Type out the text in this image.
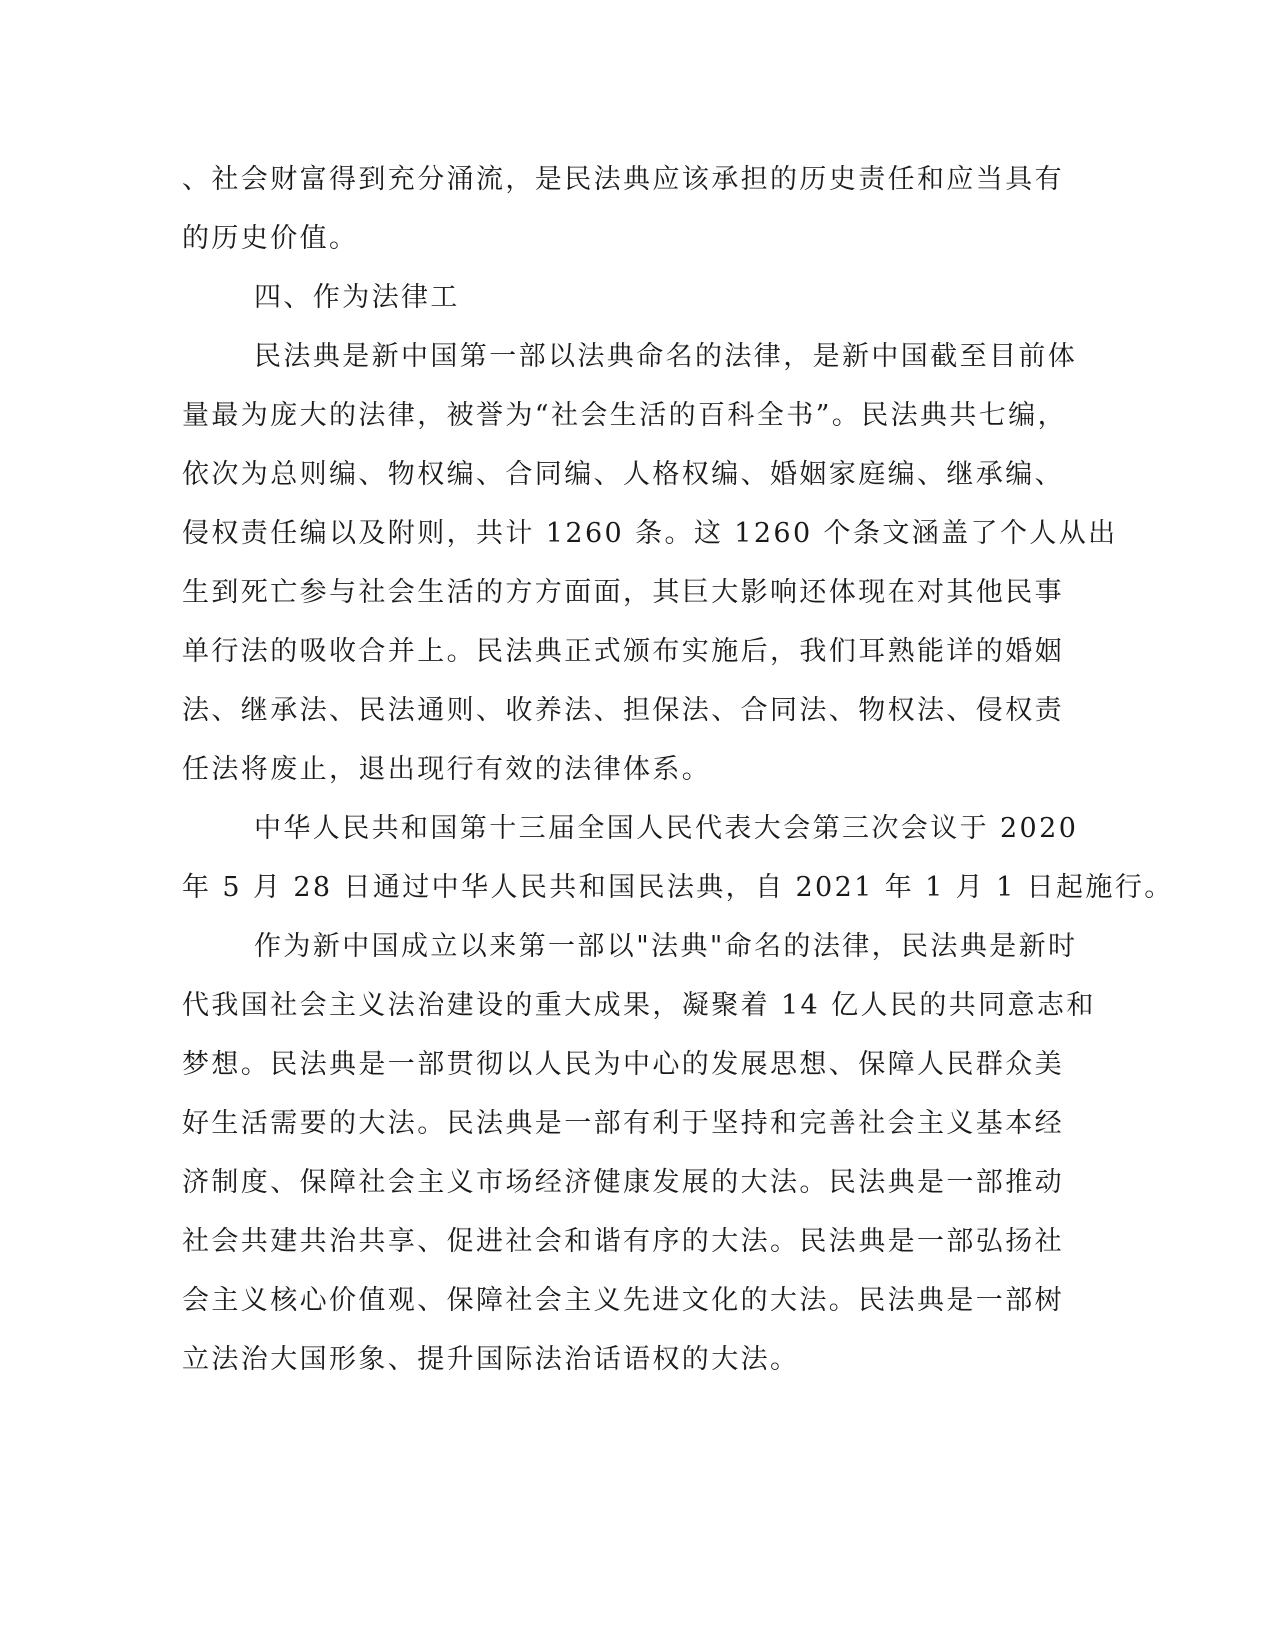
、社会财富得到充分涌流，是民法典应该承担的历史责任和应当具有
的历史价值。
四、作为法律工
民法典是新中国第一部以法典命名的法律，是新中国截至目前体
量最为庞大的法律，被誉为“社会生活的百科全书”。民法典共七编，
依次为总则编、物权编、合同编、人格权编、婚姻家庭编、继承编、
侵权责任编以及附则，共计 1260 条。这 1260 个条文涵盖了个人从出
生到死亡参与社会生活的方方面面，其巨大影响还体现在对其他民事
单行法的吸收合并上。民法典正式颁布实施后，我们耳熟能详的婚姻
法、继承法、民法通则、收养法、担保法、合同法、物权法、侵权责
任法将废止，退出现行有效的法律体系。
中华人民共和国第十三届全国人民代表大会第三次会议于 2020
年 5 月 28 日通过中华人民共和国民法典，自 2021 年 1 月 1 日起施行。
作为新中国成立以来第一部以"法典"命名的法律，民法典是新时
代我国社会主义法治建设的重大成果，凝聚着 14 亿人民的共同意志和
梦想。民法典是一部贯彻以人民为中心的发展思想、保障人民群众美
好生活需要的大法。民法典是一部有利于坚持和完善社会主义基本经
济制度、保障社会主义市场经济健康发展的大法。民法典是一部推动
社会共建共治共享、促进社会和谐有序的大法。民法典是一部弘扬社
会主义核心价值观、保障社会主义先进文化的大法。民法典是一部树
立法治大国形象、提升国际法治话语权的大法。
